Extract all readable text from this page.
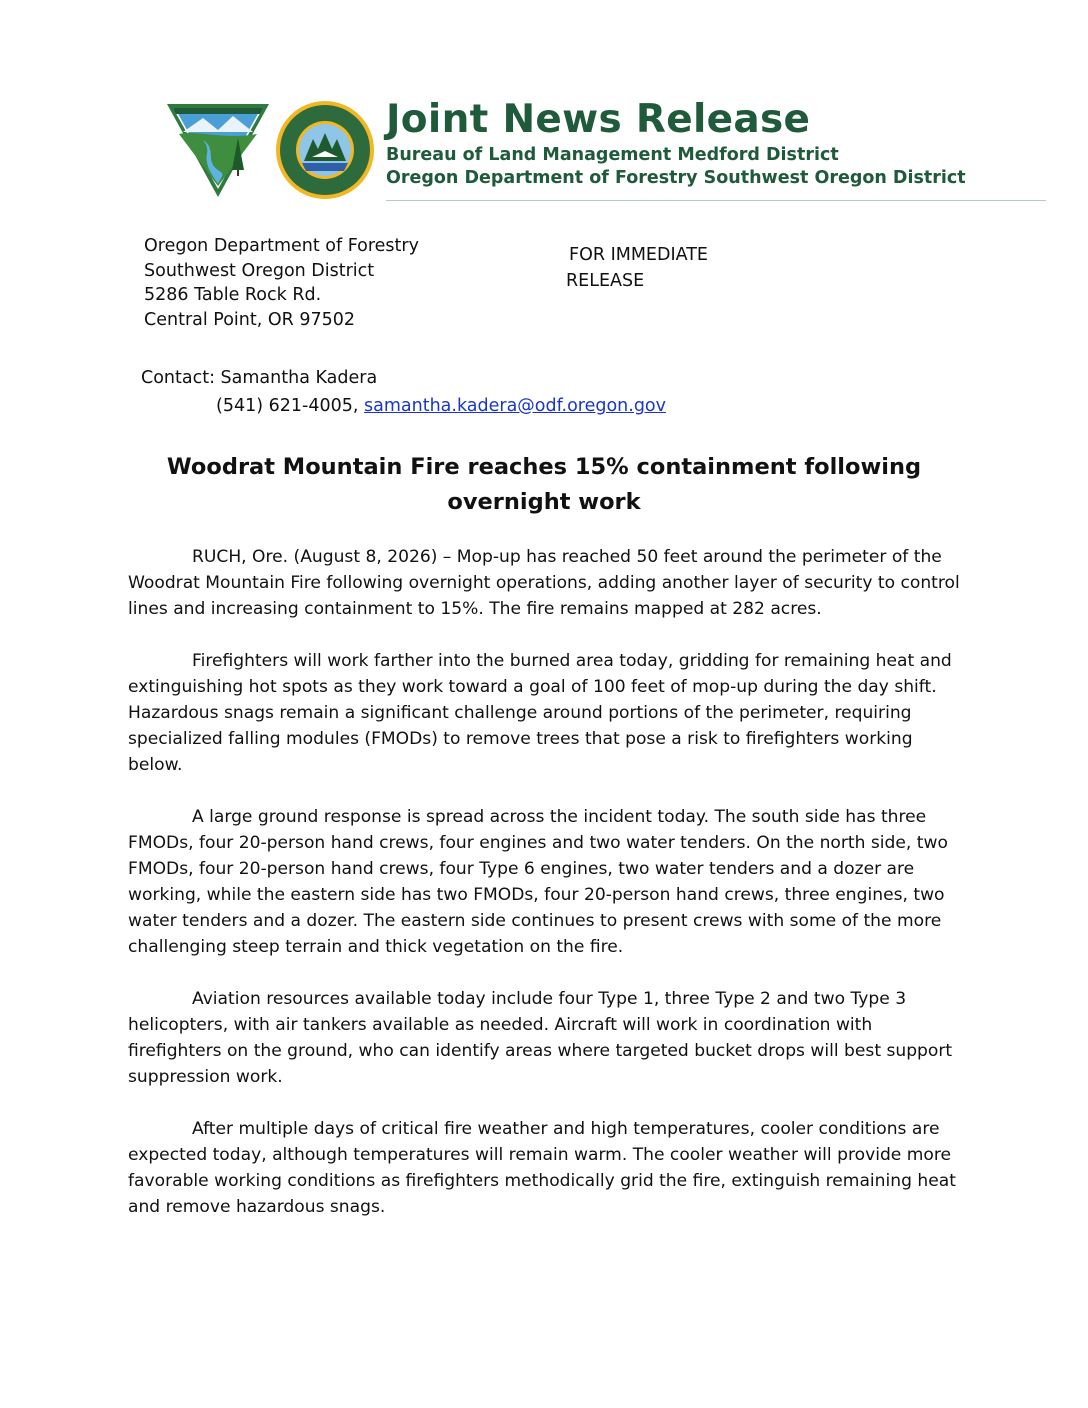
Joint News Release
Bureau of Land Management Medford District
Oregon Department of Forestry Southwest Oregon District
Oregon Department of Forestry
Southwest Oregon District
5286 Table Rock Rd.
Central Point, OR 97502
FOR IMMEDIATE
RELEASE
Contact: Samantha Kadera
(541) 621-4005, samantha.kadera@odf.oregon.gov
Woodrat Mountain Fire reaches 15% containment following overnight work

RUCH, Ore. (August 8, 2026) – Mop-up has reached 50 feet around the perimeter of the Woodrat Mountain Fire following overnight operations, adding another layer of security to control lines and increasing containment to 15%. The fire remains mapped at 282 acres.

Firefighters will work farther into the burned area today, gridding for remaining heat and extinguishing hot spots as they work toward a goal of 100 feet of mop-up during the day shift. Hazardous snags remain a significant challenge around portions of the perimeter, requiring specialized falling modules (FMODs) to remove trees that pose a risk to firefighters working below.

A large ground response is spread across the incident today. The south side has three FMODs, four 20-person hand crews, four engines and two water tenders. On the north side, two FMODs, four 20-person hand crews, four Type 6 engines, two water tenders and a dozer are working, while the eastern side has two FMODs, four 20-person hand crews, three engines, two water tenders and a dozer. The eastern side continues to present crews with some of the more challenging steep terrain and thick vegetation on the fire.

Aviation resources available today include four Type 1, three Type 2 and two Type 3 helicopters, with air tankers available as needed. Aircraft will work in coordination with firefighters on the ground, who can identify areas where targeted bucket drops will best support suppression work.

After multiple days of critical fire weather and high temperatures, cooler conditions are expected today, although temperatures will remain warm. The cooler weather will provide more favorable working conditions as firefighters methodically grid the fire, extinguish remaining heat and remove hazardous snags.
